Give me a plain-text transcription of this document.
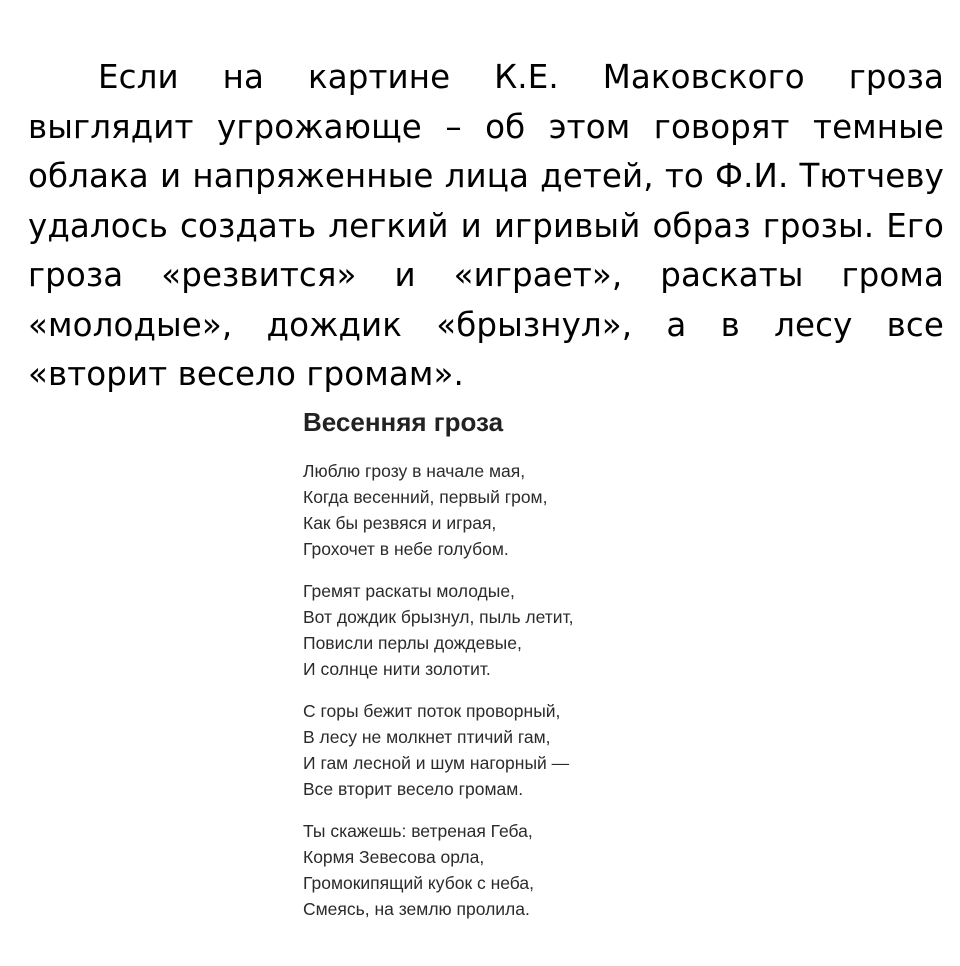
Если на картине К.Е. Маковского гроза выглядит угрожающе – об этом говорят темные облака и напряженные лица детей, то Ф.И. Тютчеву удалось создать легкий и игривый образ грозы. Его гроза «резвится» и «играет», раскаты грома «молодые», дождик «брызнул», а в лесу все «вторит весело громам».

Весенняя гроза
Люблю грозу в начале мая,
Когда весенний, первый гром,
Как бы резвяся и играя,
Грохочет в небе голубом.
Гремят раскаты молодые,
Вот дождик брызнул, пыль летит,
Повисли перлы дождевые,
И солнце нити золотит.
С горы бежит поток проворный,
В лесу не молкнет птичий гам,
И гам лесной и шум нагорный —
Все вторит весело громам.
Ты скажешь: ветреная Геба,
Кормя Зевесова орла,
Громокипящий кубок с неба,
Смеясь, на землю пролила.
